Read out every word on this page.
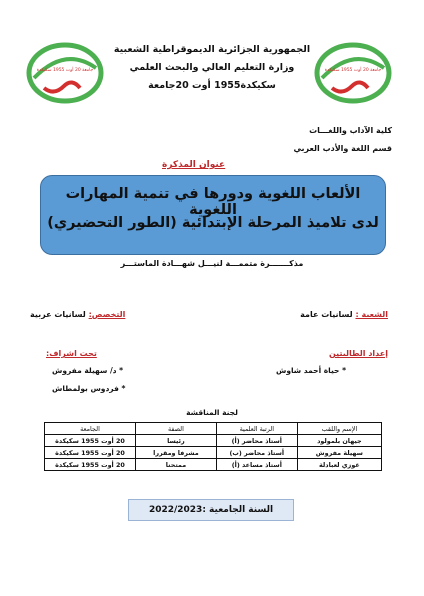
جامعة 20 أوت 1955 سكيكدة	جامعة 20 أوت 1955 سكيكدة
الجمهورية الجزائرية الديموقراطية الشعبية
وزارة التعليم العالي والبحث العلمي
سكيكدة1955 أوت 20جامعة
كلية الآداب واللغـــات
قسم اللغة والأدب العربي
عنوان المذكرة
الألعاب اللغوية ودورها في تنمية المهارات اللغوية
لدى تلاميذ المرحلة الإبتدائية (الطور التحضيري)
مذكـــــــرة متممـــة لنيـــل شهـــادة الماستـــر
الشعبة : لسانيات عامة
التخصص: لسانيات عربية
إعداد الطالبتين
* حياة أحمد شاوش
* فردوس بولمطاش
تحت اشراف:
* د/ سهيلة مفروش
لجنة المناقشة
الإسم واللقب	الرتبة العلمية	الصفة	الجامعة
جيهان بلمولود	أستاذ محاضر (أ)	رئيسا	20 أوت 1955 سكيكدة
سهيلة مفروش	أستاذ محاضر (ب)	مشرفا ومقررا	20 أوت 1955 سكيكدة
غوزي لعبادلة	أستاذ مساعد (أ)	ممتحنا	20 أوت 1955 سكيكدة
السنة الجامعية :2022/2023
